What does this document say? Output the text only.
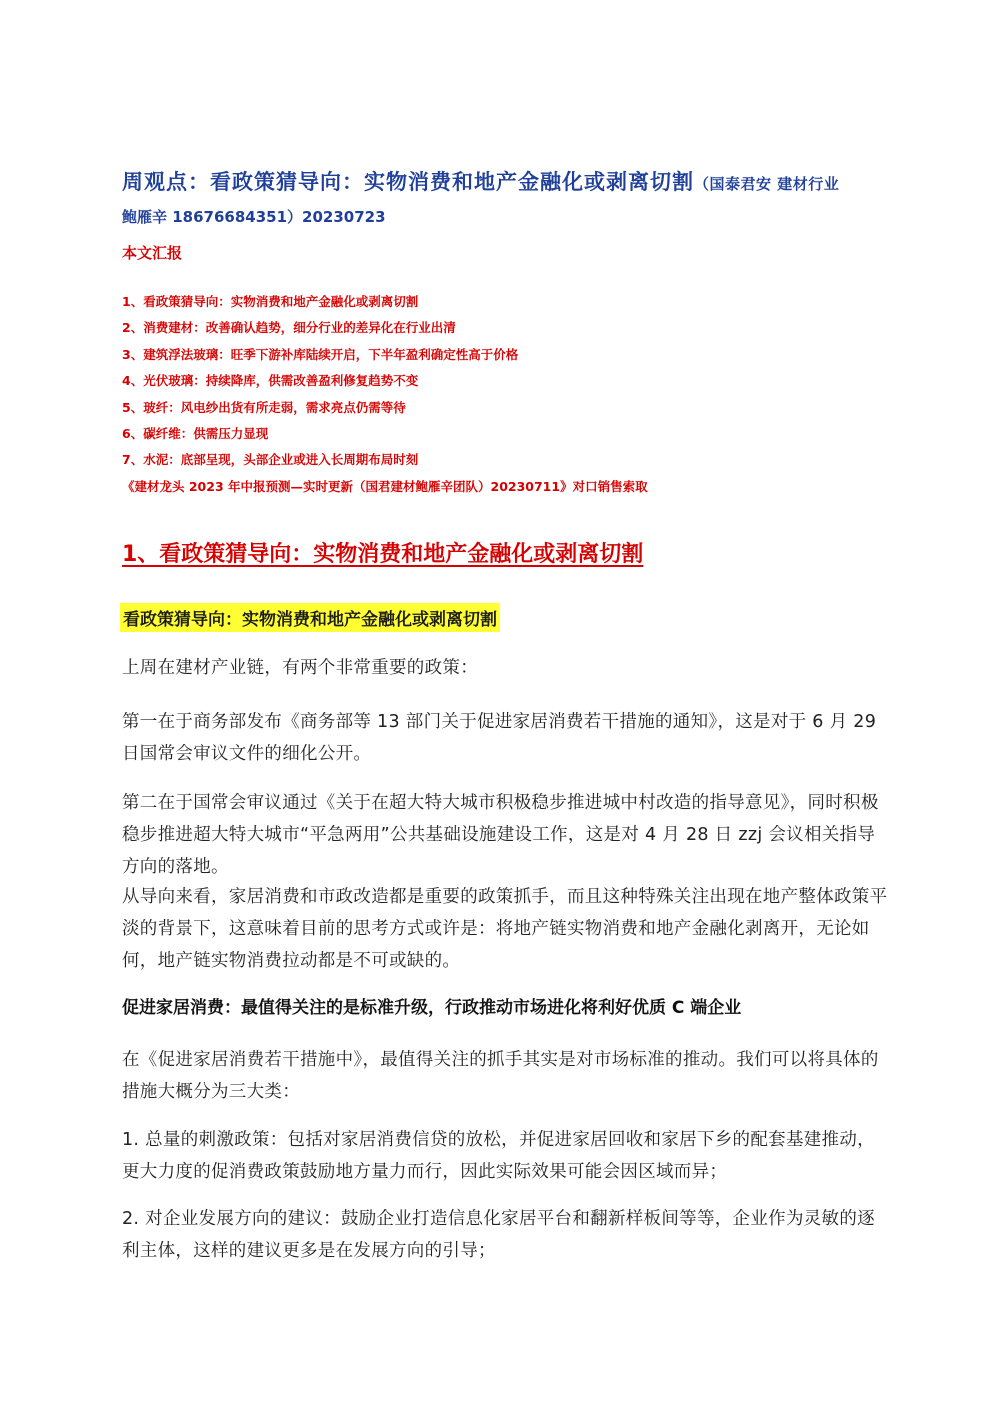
周观点：看政策猜导向：实物消费和地产金融化或剥离切割（国泰君安 建材行业
鲍雁辛 18676684351）20230723
本文汇报
1、看政策猜导向：实物消费和地产金融化或剥离切割
2、消费建材：改善确认趋势，细分行业的差异化在行业出清
3、建筑浮法玻璃：旺季下游补库陆续开启，下半年盈利确定性高于价格
4、光伏玻璃：持续降库，供需改善盈利修复趋势不变
5、玻纤：风电纱出货有所走弱，需求亮点仍需等待
6、碳纤维：供需压力显现
7、水泥：底部呈现，头部企业或进入长周期布局时刻
《建材龙头 2023 年中报预测—实时更新（国君建材鲍雁辛团队）20230711》对口销售索取
1、看政策猜导向：实物消费和地产金融化或剥离切割
看政策猜导向：实物消费和地产金融化或剥离切割

上周在建材产业链，有两个非常重要的政策：

第一在于商务部发布《商务部等 13 部门关于促进家居消费若干措施的通知》，这是对于 6 月 29 日国常会审议文件的细化公开。

第二在于国常会审议通过《关于在超大特大城市积极稳步推进城中村改造的指导意见》，同时积极稳步推进超大特大城市“平急两用”公共基础设施建设工作，这是对 4 月 28 日 zzj 会议相关指导方向的落地。

从导向来看，家居消费和市政改造都是重要的政策抓手，而且这种特殊关注出现在地产整体政策平淡的背景下，这意味着目前的思考方式或许是：将地产链实物消费和地产金融化剥离开，无论如何，地产链实物消费拉动都是不可或缺的。

促进家居消费：最值得关注的是标准升级，行政推动市场进化将利好优质 C 端企业

在《促进家居消费若干措施中》，最值得关注的抓手其实是对市场标准的推动。我们可以将具体的措施大概分为三大类：

1. 总量的刺激政策：包括对家居消费信贷的放松，并促进家居回收和家居下乡的配套基建推动，更大力度的促消费政策鼓励地方量力而行，因此实际效果可能会因区域而异；

2. 对企业发展方向的建议：鼓励企业打造信息化家居平台和翻新样板间等等，企业作为灵敏的逐利主体，这样的建议更多是在发展方向的引导；
